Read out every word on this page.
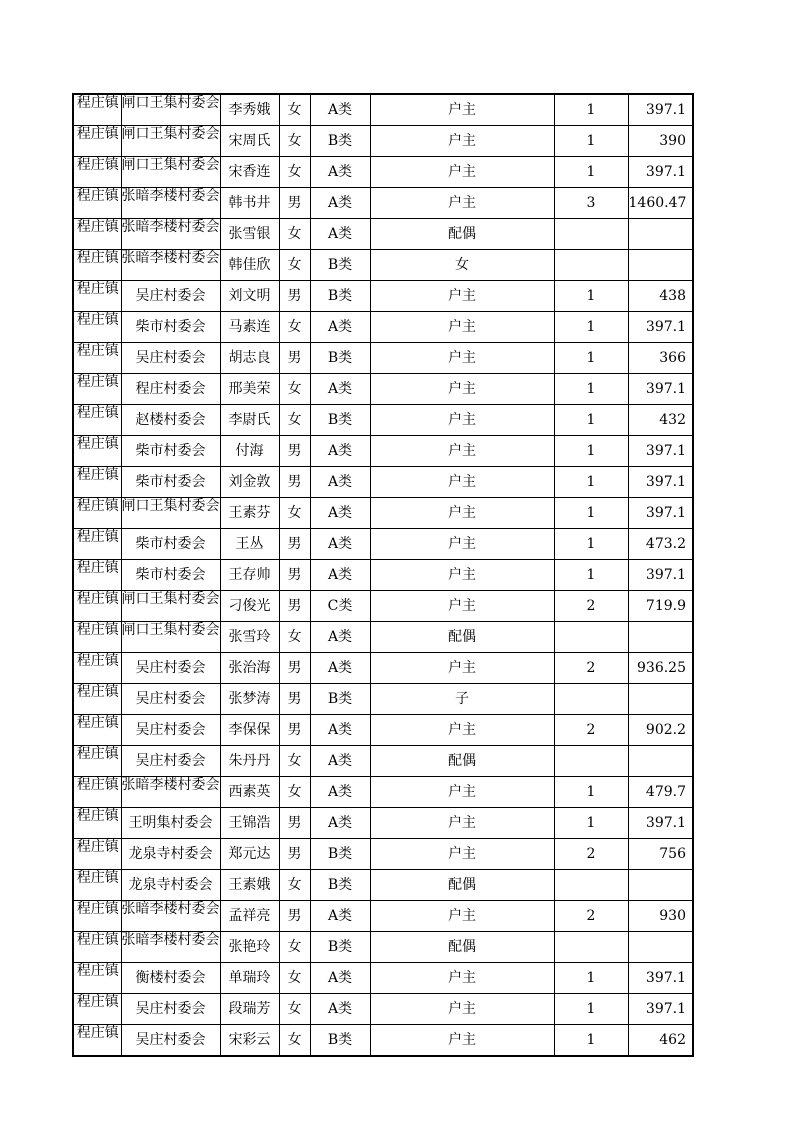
程庄镇	闸口王集村委会	李秀娥	女	A类	户主	1	397.1
程庄镇	闸口王集村委会	宋周氏	女	B类	户主	1	390
程庄镇	闸口王集村委会	宋香连	女	A类	户主	1	397.1
程庄镇	张暗李楼村委会	韩书井	男	A类	户主	3	1460.47
程庄镇	张暗李楼村委会	张雪银	女	A类	配偶		
程庄镇	张暗李楼村委会	韩佳欣	女	B类	女		
程庄镇	吴庄村委会	刘文明	男	B类	户主	1	438
程庄镇	柴市村委会	马素连	女	A类	户主	1	397.1
程庄镇	吴庄村委会	胡志良	男	B类	户主	1	366
程庄镇	程庄村委会	邢美荣	女	A类	户主	1	397.1
程庄镇	赵楼村委会	李尉氏	女	B类	户主	1	432
程庄镇	柴市村委会	付海	男	A类	户主	1	397.1
程庄镇	柴市村委会	刘金敦	男	A类	户主	1	397.1
程庄镇	闸口王集村委会	王素芬	女	A类	户主	1	397.1
程庄镇	柴市村委会	王丛	男	A类	户主	1	473.2
程庄镇	柴市村委会	王存帅	男	A类	户主	1	397.1
程庄镇	闸口王集村委会	刁俊光	男	C类	户主	2	719.9
程庄镇	闸口王集村委会	张雪玲	女	A类	配偶		
程庄镇	吴庄村委会	张治海	男	A类	户主	2	936.25
程庄镇	吴庄村委会	张梦涛	男	B类	子		
程庄镇	吴庄村委会	李保保	男	A类	户主	2	902.2
程庄镇	吴庄村委会	朱丹丹	女	A类	配偶		
程庄镇	张暗李楼村委会	西素英	女	A类	户主	1	479.7
程庄镇	王明集村委会	王锦浩	男	A类	户主	1	397.1
程庄镇	龙泉寺村委会	郑元达	男	B类	户主	2	756
程庄镇	龙泉寺村委会	王素娥	女	B类	配偶		
程庄镇	张暗李楼村委会	孟祥亮	男	A类	户主	2	930
程庄镇	张暗李楼村委会	张艳玲	女	B类	配偶		
程庄镇	衡楼村委会	单瑞玲	女	A类	户主	1	397.1
程庄镇	吴庄村委会	段瑞芳	女	A类	户主	1	397.1
程庄镇	吴庄村委会	宋彩云	女	B类	户主	1	462
